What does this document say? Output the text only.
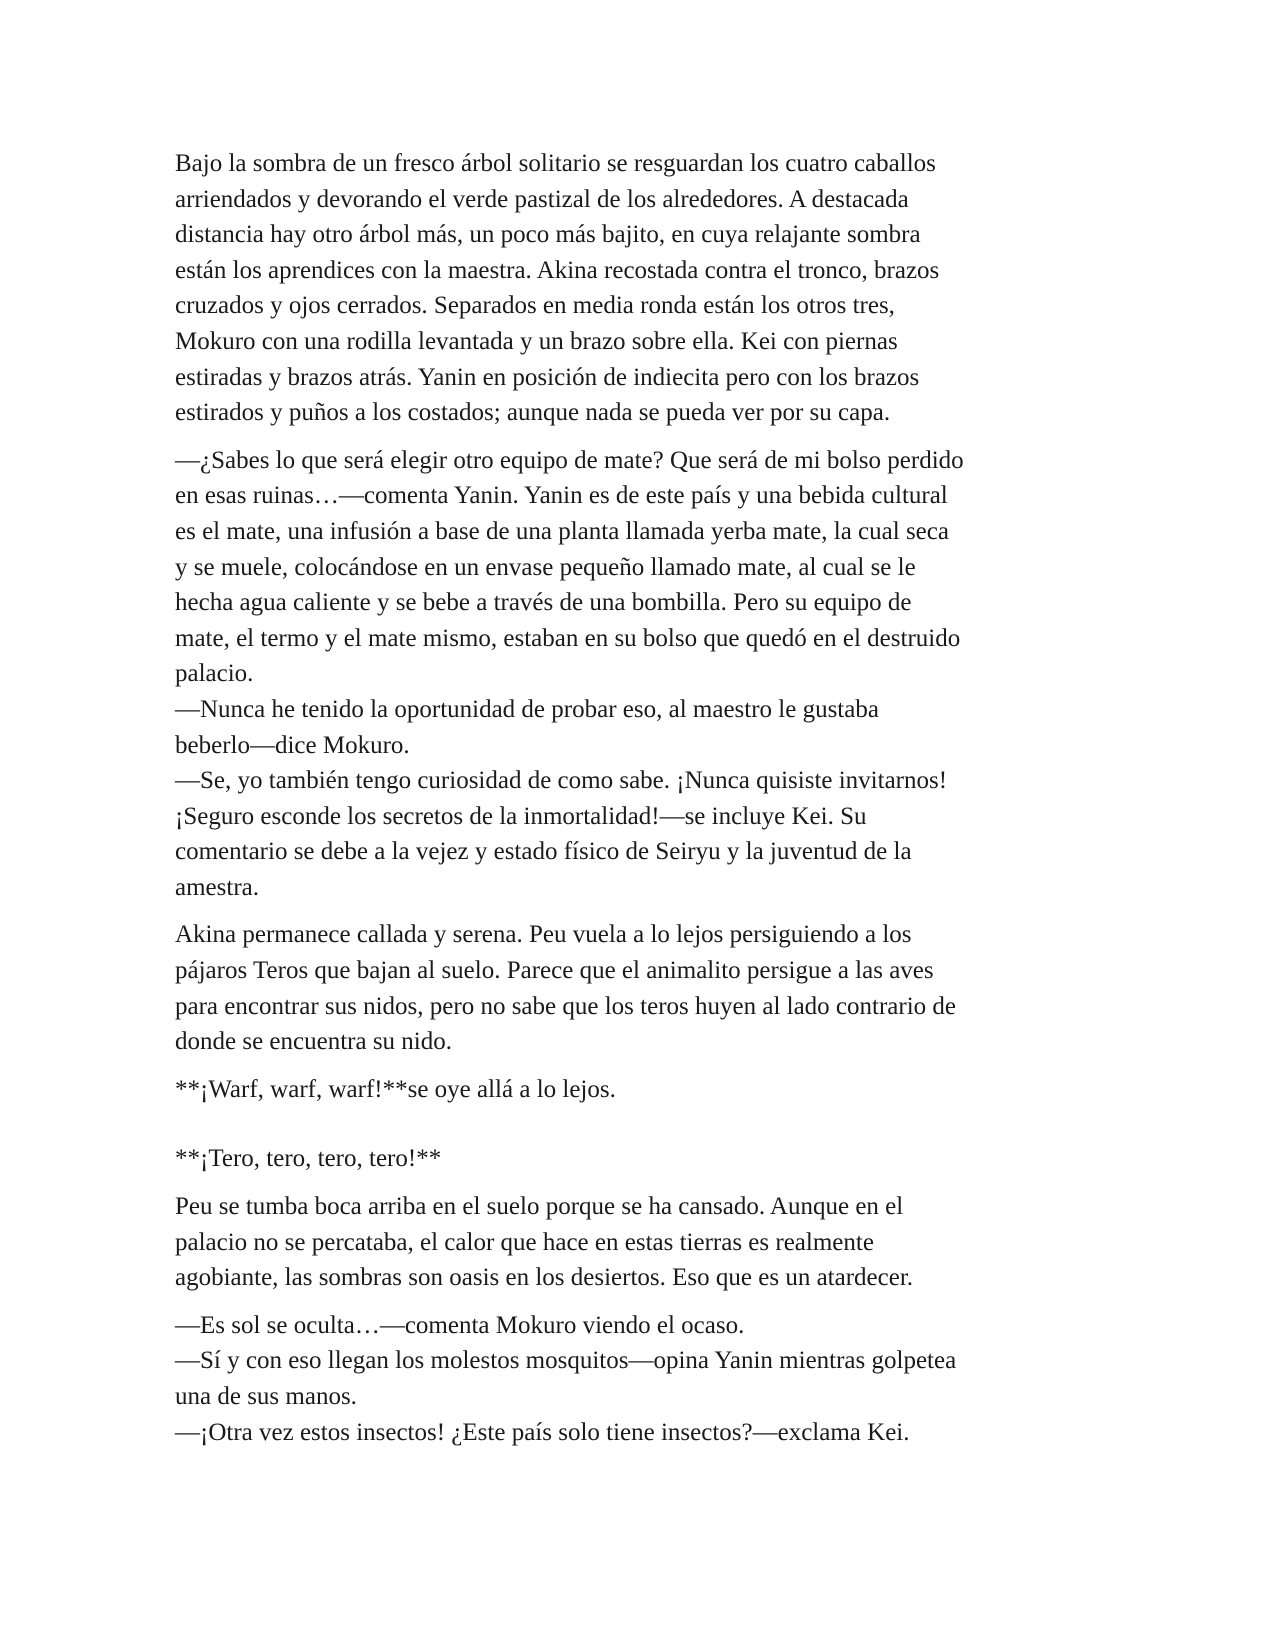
Bajo la sombra de un fresco árbol solitario se resguardan los cuatro caballos

arriendados y devorando el verde pastizal de los alrededores. A destacada

distancia hay otro árbol más, un poco más bajito, en cuya relajante sombra

están los aprendices con la maestra. Akina recostada contra el tronco, brazos

cruzados y ojos cerrados. Separados en media ronda están los otros tres,

Mokuro con una rodilla levantada y un brazo sobre ella. Kei con piernas

estiradas y brazos atrás. Yanin en posición de indiecita pero con los brazos

estirados y puños a los costados; aunque nada se pueda ver por su capa.

—¿Sabes lo que será elegir otro equipo de mate? Que será de mi bolso perdido

en esas ruinas…—comenta Yanin. Yanin es de este país y una bebida cultural

es el mate, una infusión a base de una planta llamada yerba mate, la cual seca

y se muele, colocándose en un envase pequeño llamado mate, al cual se le

hecha agua caliente y se bebe a través de una bombilla. Pero su equipo de

mate, el termo y el mate mismo, estaban en su bolso que quedó en el destruido

palacio.

—Nunca he tenido la oportunidad de probar eso, al maestro le gustaba

beberlo—dice Mokuro.

—Se, yo también tengo curiosidad de como sabe. ¡Nunca quisiste invitarnos!

¡Seguro esconde los secretos de la inmortalidad!—se incluye Kei. Su

comentario se debe a la vejez y estado físico de Seiryu y la juventud de la

amestra.

Akina permanece callada y serena. Peu vuela a lo lejos persiguiendo a los

pájaros Teros que bajan al suelo. Parece que el animalito persigue a las aves

para encontrar sus nidos, pero no sabe que los teros huyen al lado contrario de

donde se encuentra su nido.

**¡Warf, warf, warf!**se oye allá a lo lejos.

**¡Tero, tero, tero, tero!**

Peu se tumba boca arriba en el suelo porque se ha cansado. Aunque en el

palacio no se percataba, el calor que hace en estas tierras es realmente

agobiante, las sombras son oasis en los desiertos. Eso que es un atardecer.

—Es sol se oculta…—comenta Mokuro viendo el ocaso.

—Sí y con eso llegan los molestos mosquitos—opina Yanin mientras golpetea

una de sus manos.

—¡Otra vez estos insectos! ¿Este país solo tiene insectos?—exclama Kei.
